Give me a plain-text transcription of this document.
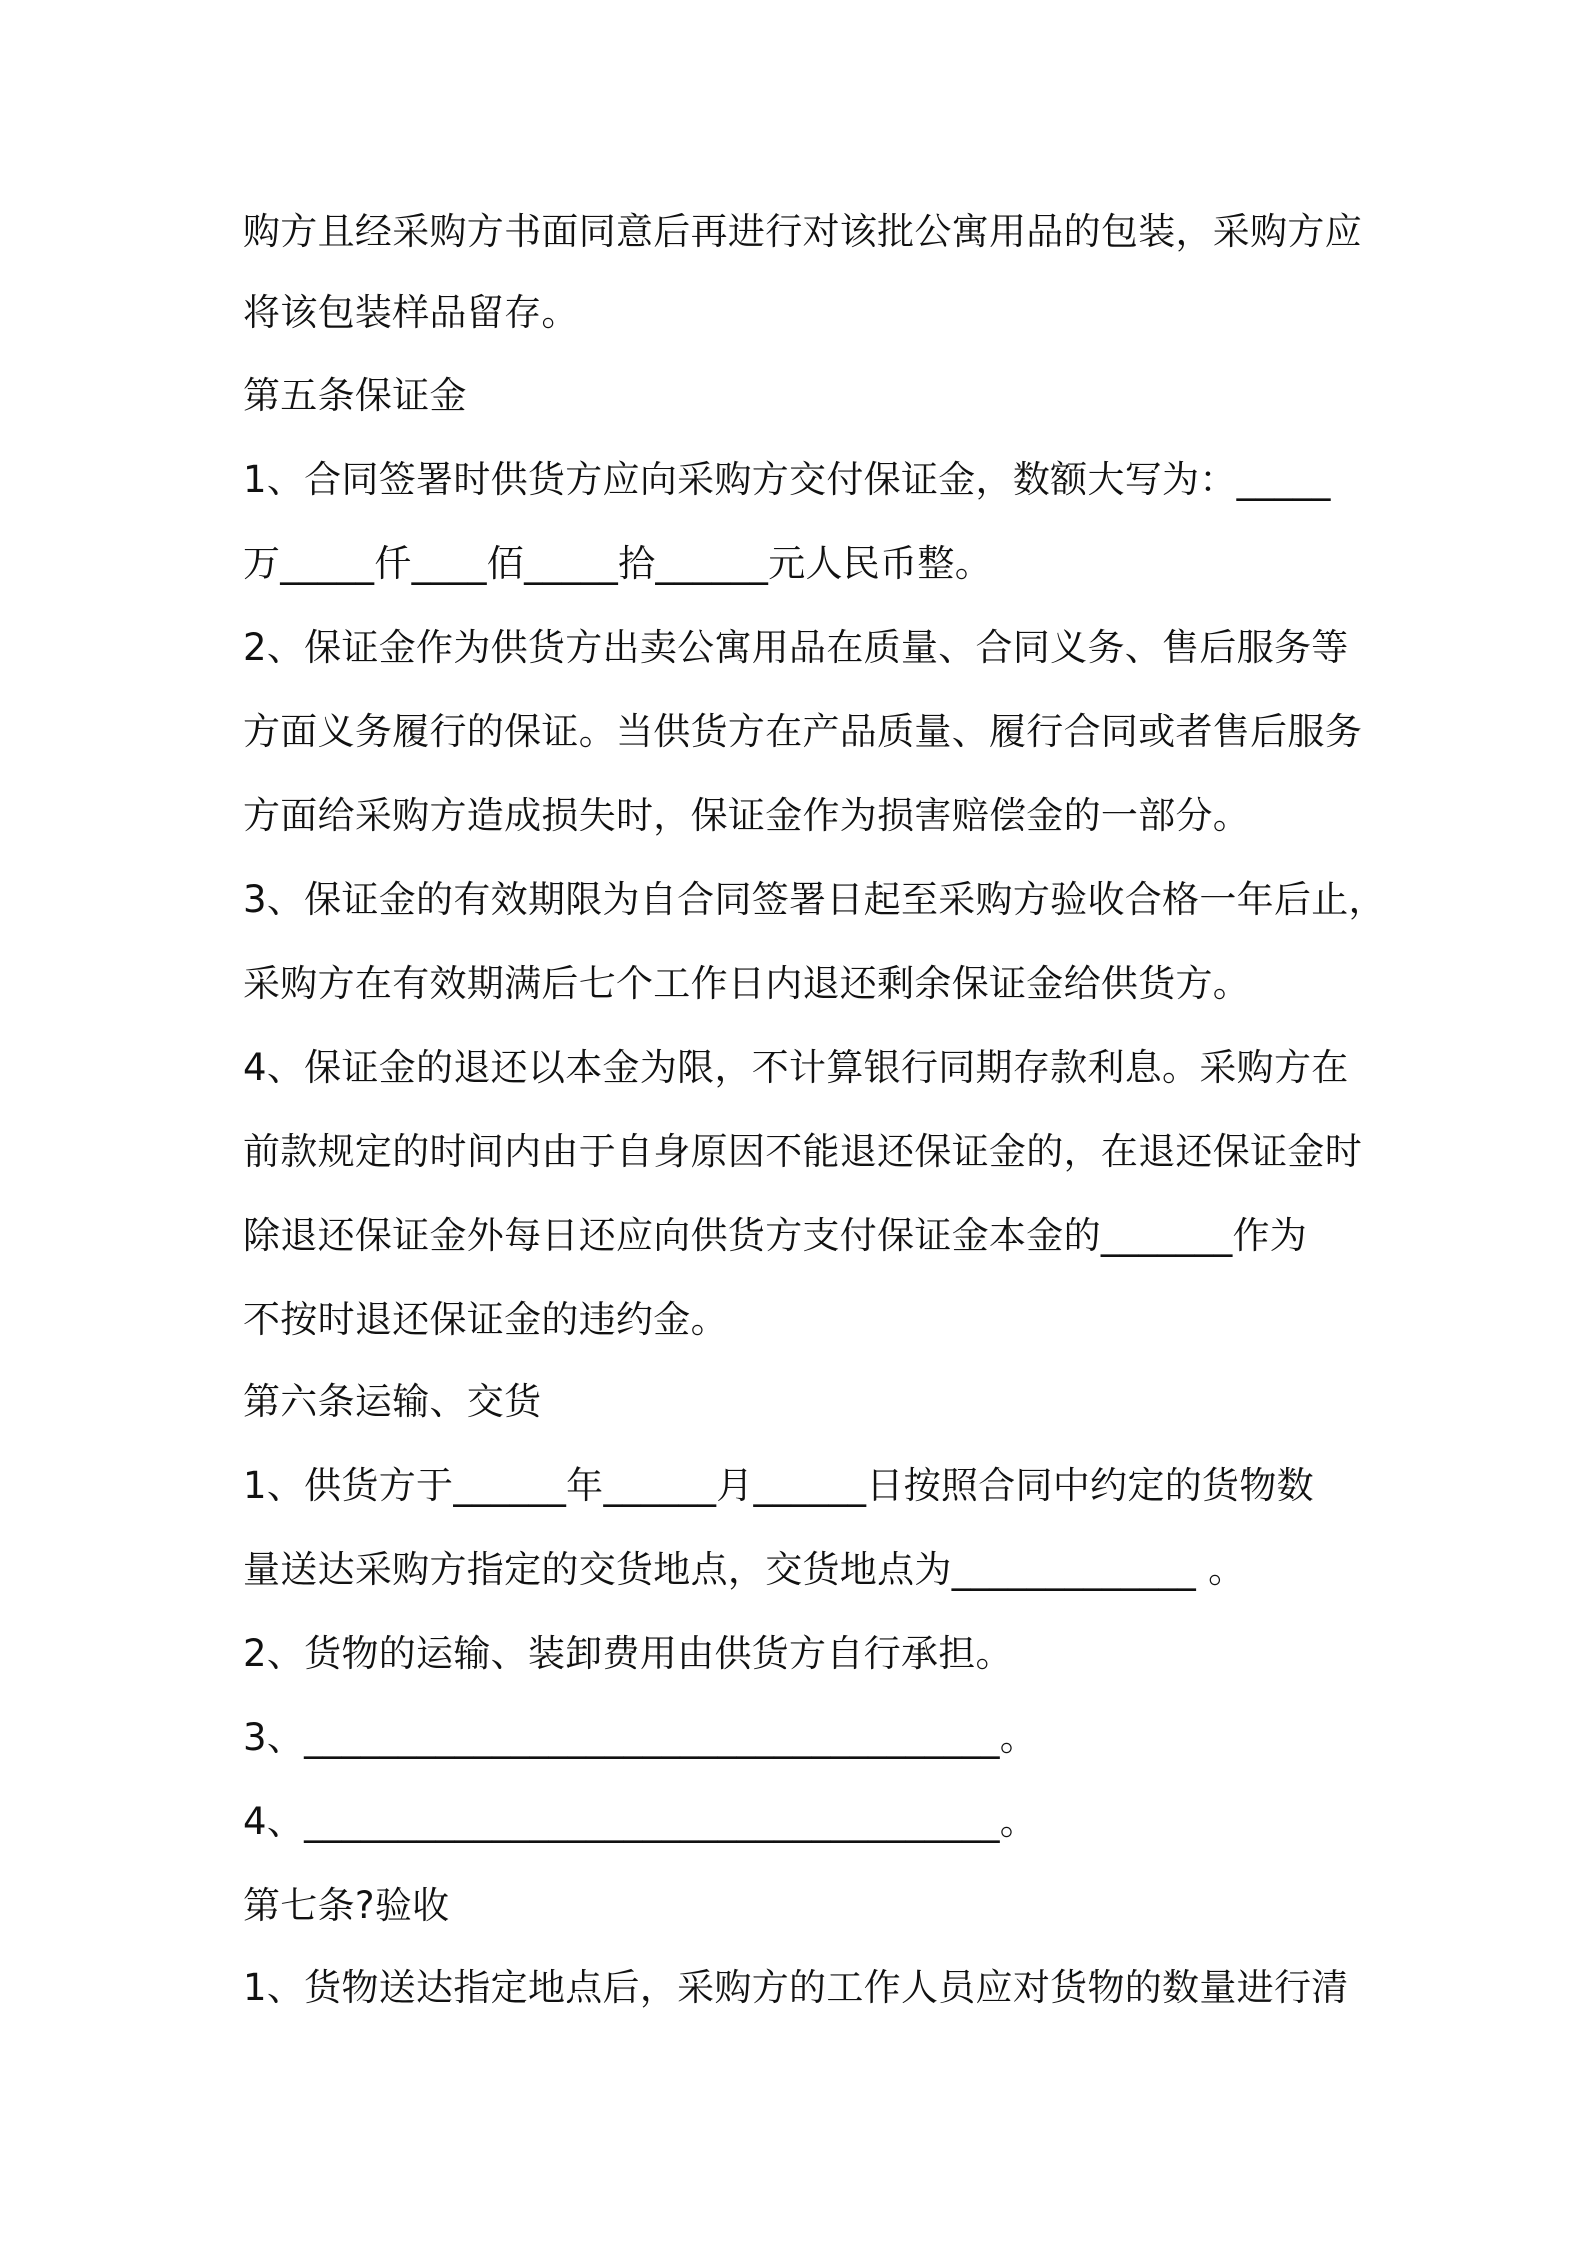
购方且经采购方书面同意后再进行对该批公寓用品的包装，采购方应
将该包装样品留存。
第五条保证金
1、合同签署时供货方应向采购方交付保证金，数额大写为：_____
万_____仟____佰_____拾______元人民币整。
2、保证金作为供货方出卖公寓用品在质量、合同义务、售后服务等
方面义务履行的保证。当供货方在产品质量、履行合同或者售后服务
方面给采购方造成损失时，保证金作为损害赔偿金的一部分。
3、保证金的有效期限为自合同签署日起至采购方验收合格一年后止，
采购方在有效期满后七个工作日内退还剩余保证金给供货方。
4、保证金的退还以本金为限，不计算银行同期存款利息。采购方在
前款规定的时间内由于自身原因不能退还保证金的，在退还保证金时
除退还保证金外每日还应向供货方支付保证金本金的_______作为
不按时退还保证金的违约金。
第六条运输、交货
1、供货方于______年______月______日按照合同中约定的货物数
量送达采购方指定的交货地点，交货地点为_____________ 。
2、货物的运输、装卸费用由供货方自行承担。
3、_____________________________________。
4、_____________________________________。
第七条?验收
1、货物送达指定地点后，采购方的工作人员应对货物的数量进行清
